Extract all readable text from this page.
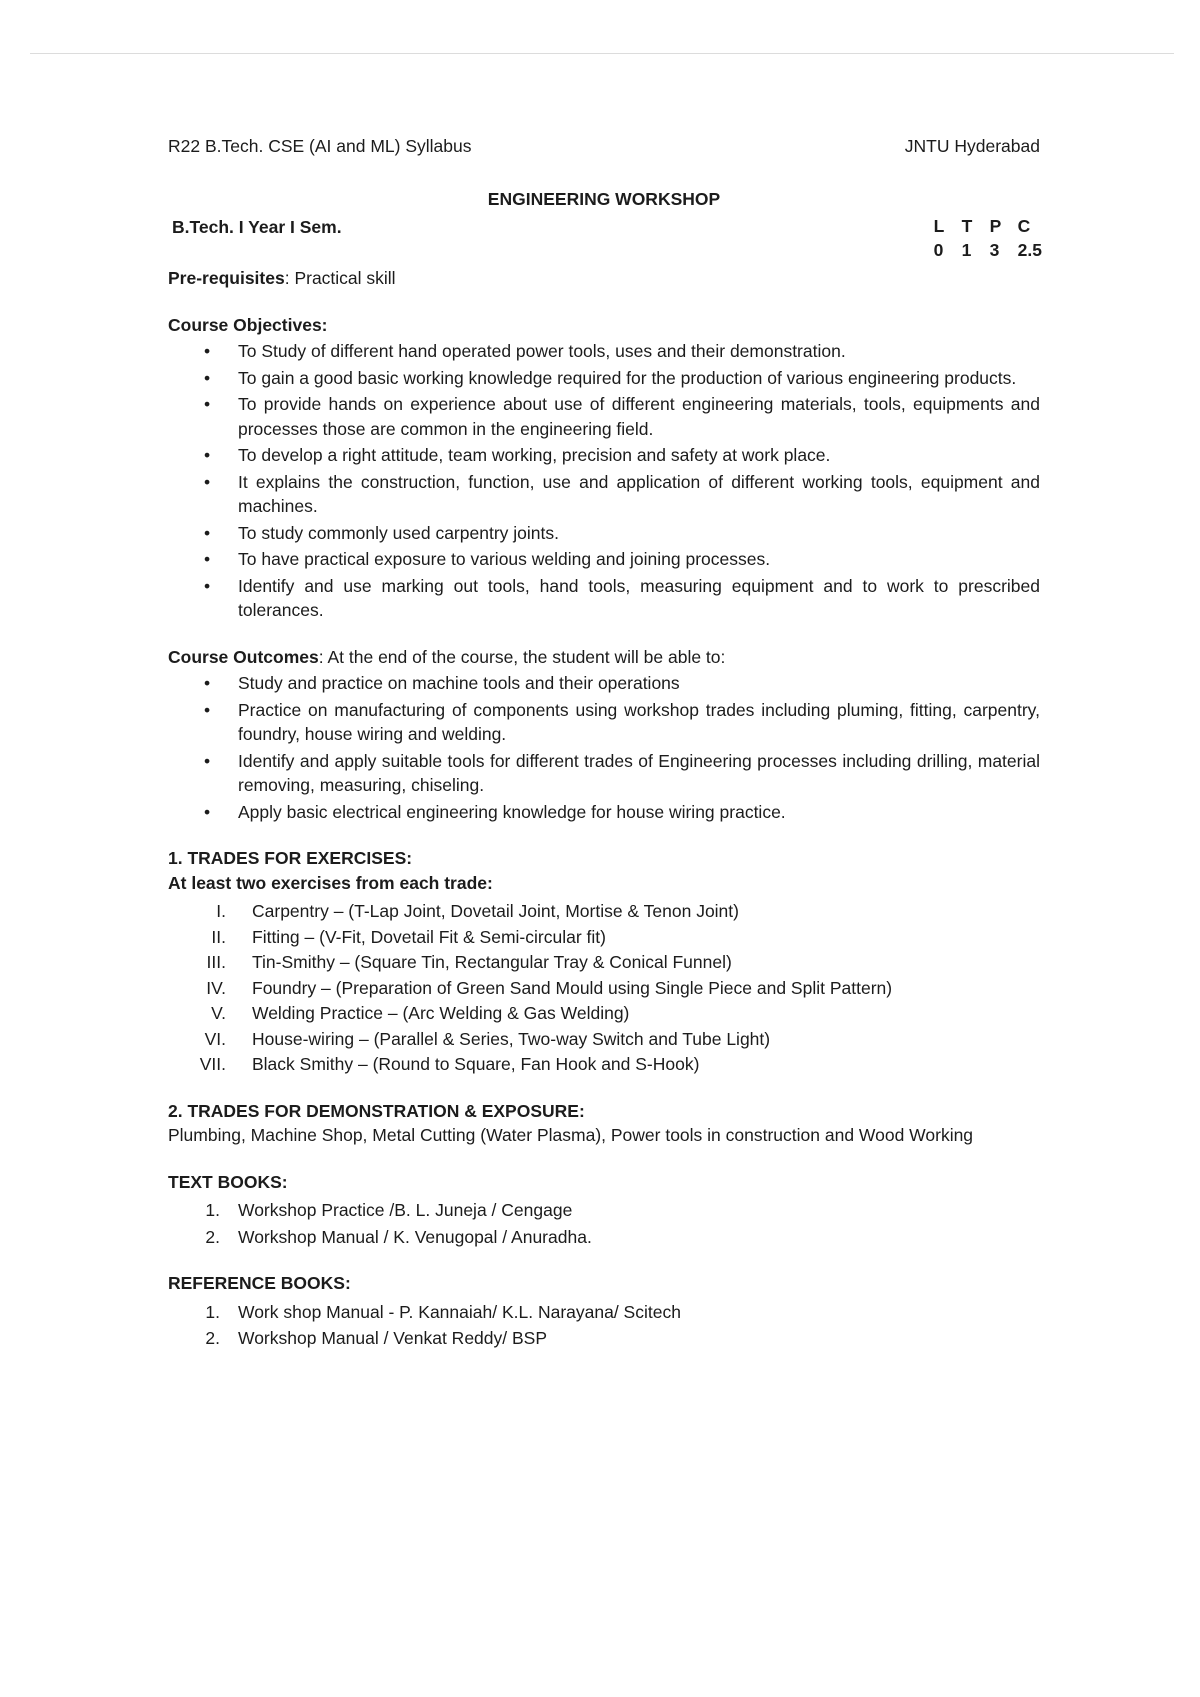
R22 B.Tech. CSE (AI and ML) Syllabus	JNTU Hyderabad
ENGINEERING WORKSHOP
B.Tech. I Year I Sem.	L T P C
0	1	3	2.5
Pre-requisites: Practical skill
Course Objectives:
• To Study of different hand operated power tools, uses and their demonstration.
• To gain a good basic working knowledge required for the production of various engineering products.
• To provide hands on experience about use of different engineering materials, tools, equipments and processes those are common in the engineering field.
• To develop a right attitude, team working, precision and safety at work place.
• It explains the construction, function, use and application of different working tools, equipment and machines.
• To study commonly used carpentry joints.
• To have practical exposure to various welding and joining processes.
• Identify and use marking out tools, hand tools, measuring equipment and to work to prescribed tolerances.
Course Outcomes: At the end of the course, the student will be able to:
• Study and practice on machine tools and their operations
• Practice on manufacturing of components using workshop trades including pluming, fitting, carpentry, foundry, house wiring and welding.
• Identify and apply suitable tools for different trades of Engineering processes including drilling, material removing, measuring, chiseling.
• Apply basic electrical engineering knowledge for house wiring practice.
1. TRADES FOR EXERCISES:
At least two exercises from each trade:
I.	Carpentry – (T-Lap Joint, Dovetail Joint, Mortise & Tenon Joint)
II.	Fitting – (V-Fit, Dovetail Fit & Semi-circular fit)
III.	Tin-Smithy – (Square Tin, Rectangular Tray & Conical Funnel)
IV.	Foundry – (Preparation of Green Sand Mould using Single Piece and Split Pattern)
V.	Welding Practice – (Arc Welding & Gas Welding)
VI.	House-wiring – (Parallel & Series, Two-way Switch and Tube Light)
VII.	Black Smithy – (Round to Square, Fan Hook and S-Hook)
2. TRADES FOR DEMONSTRATION & EXPOSURE:
Plumbing, Machine Shop, Metal Cutting (Water Plasma), Power tools in construction and Wood Working
TEXT BOOKS:
1.	Workshop Practice /B. L. Juneja / Cengage
2.	Workshop Manual / K. Venugopal / Anuradha.
REFERENCE BOOKS:
1.	Work shop Manual - P. Kannaiah/ K.L. Narayana/ Scitech
2.	Workshop Manual / Venkat Reddy/ BSP
